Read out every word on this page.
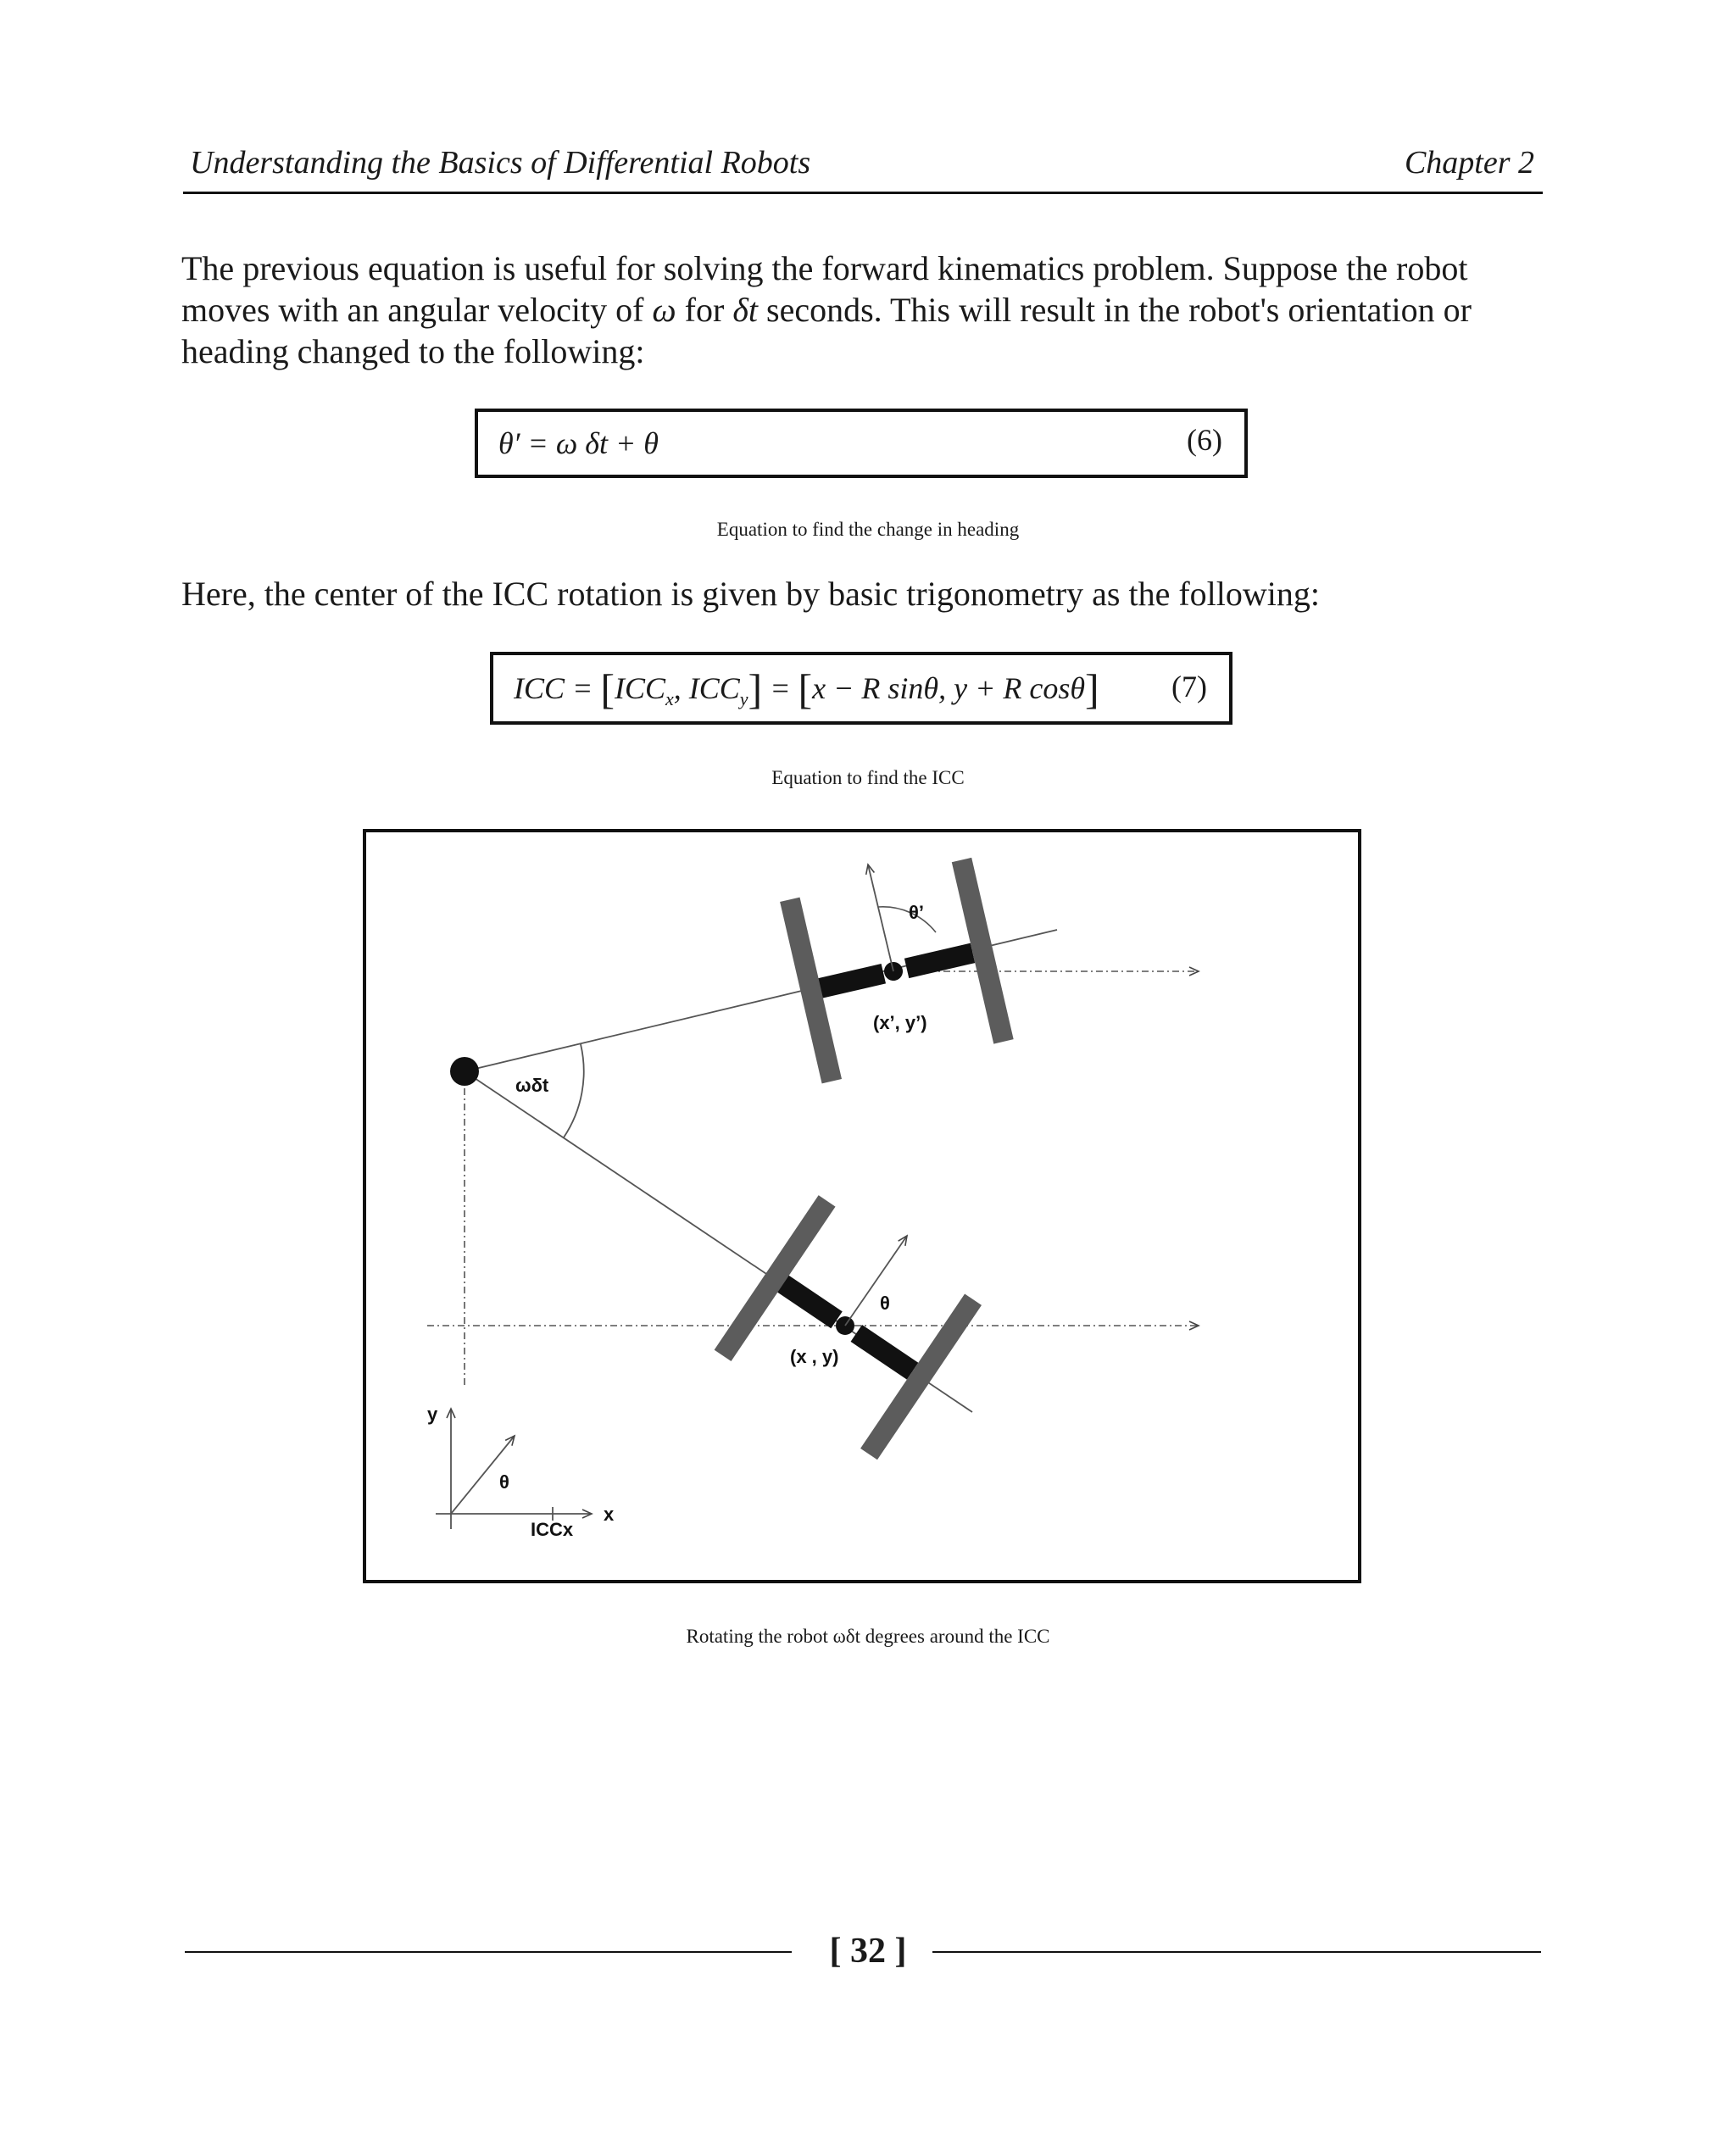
Understanding the Basics of Differential Robots	Chapter 2

The previous equation is useful for solving the forward kinematics problem. Suppose the robot moves with an angular velocity of ω for δt seconds. This will result in the robot's orientation or heading changed to the following:

θ′ = ω δt + θ	(6)
Equation to find the change in heading

Here, the center of the ICC rotation is given by basic trigonometry as the following:

ICC = [$ICC_x$, $ICC_y] = [x - R$ sinθ, y + R cosθ] (7)
Equation to find the ICC
θ’
(x’, y’)
ωδt
θ
(x , y)
y
x
θ
ICCx
Rotating the robot ωδt degrees around the ICC
[ 32 ]
